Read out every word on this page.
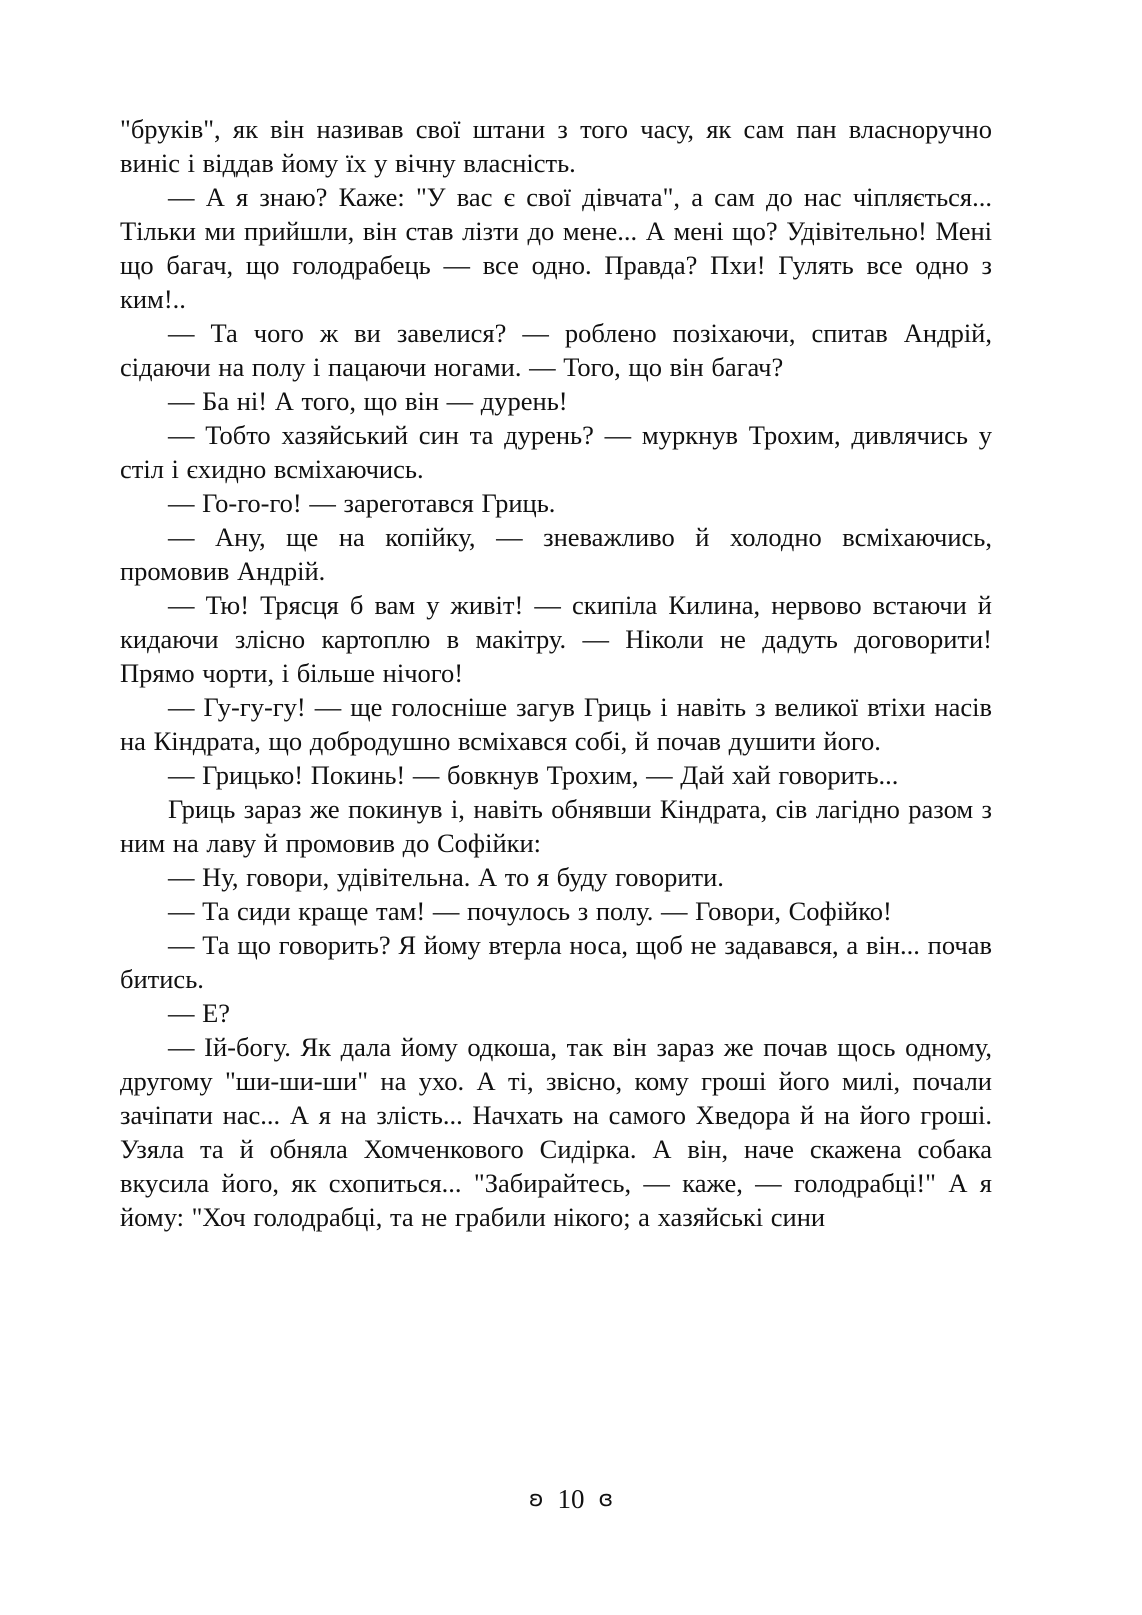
"бруків", як він називав свої штани з того часу, як сам пан власноручно виніс і віддав йому їх у вічну власність.

— А я знаю? Каже: "У вас є свої дівчата", а сам до нас чіпляється... Тільки ми прийшли, він став лізти до мене... А мені що? Удівітельно! Мені що багач, що голодрабець — все одно. Правда? Пхи! Гулять все одно з ким!..

— Та чого ж ви завелися? — роблено позіхаючи, спитав Андрій, сідаючи на полу і пацаючи ногами. — Того, що він багач?

— Ба ні! А того, що він — дурень!

— Тобто хазяйський син та дурень? — муркнув Трохим, дивлячись у стіл і єхидно всміхаючись.

— Го-го-го! — зареготався Гриць.

— Ану, ще на копійку, — зневажливо й холодно всміхаючись, промовив Андрій.

— Тю! Трясця б вам у живіт! — скипіла Килина, нервово встаючи й кидаючи злісно картоплю в макітру. — Ніколи не дадуть договорити! Прямо чорти, і більше нічого!

— Гу-гу-гу! — ще голосніше загув Гриць і навіть з великої втіхи насів на Кіндрата, що добродушно всміхався собі, й почав душити його.

— Грицько! Покинь! — бовкнув Трохим, — Дай хай говорить...

Гриць зараз же покинув і, навіть обнявши Кіндрата, сів лагідно разом з ним на лаву й промовив до Софійки:

— Ну, говори, удівітельна. А то я буду говорити.

— Та сиди краще там! — почулось з полу. — Говори, Софійко!

— Та що говорить? Я йому втерла носа, щоб не задавався, а він... почав битись.

— Е?

— Ій-богу. Як дала йому одкоша, так він зараз же почав щось одному, другому "ши-ши-ши" на ухо. А ті, звісно, кому гроші його милі, почали зачіпати нас... А я на злість... Начхать на самого Хведора й на його гроші. Узяла та й обняла Хомченкового Сидірка. А він, наче скажена собака вкусила його, як схопиться... "Забирайтесь, — каже, — голодрабці!" А я йому: "Хоч голодрабці, та не грабили нікого; а хазяйські сини

ʚ 10 ɞ
